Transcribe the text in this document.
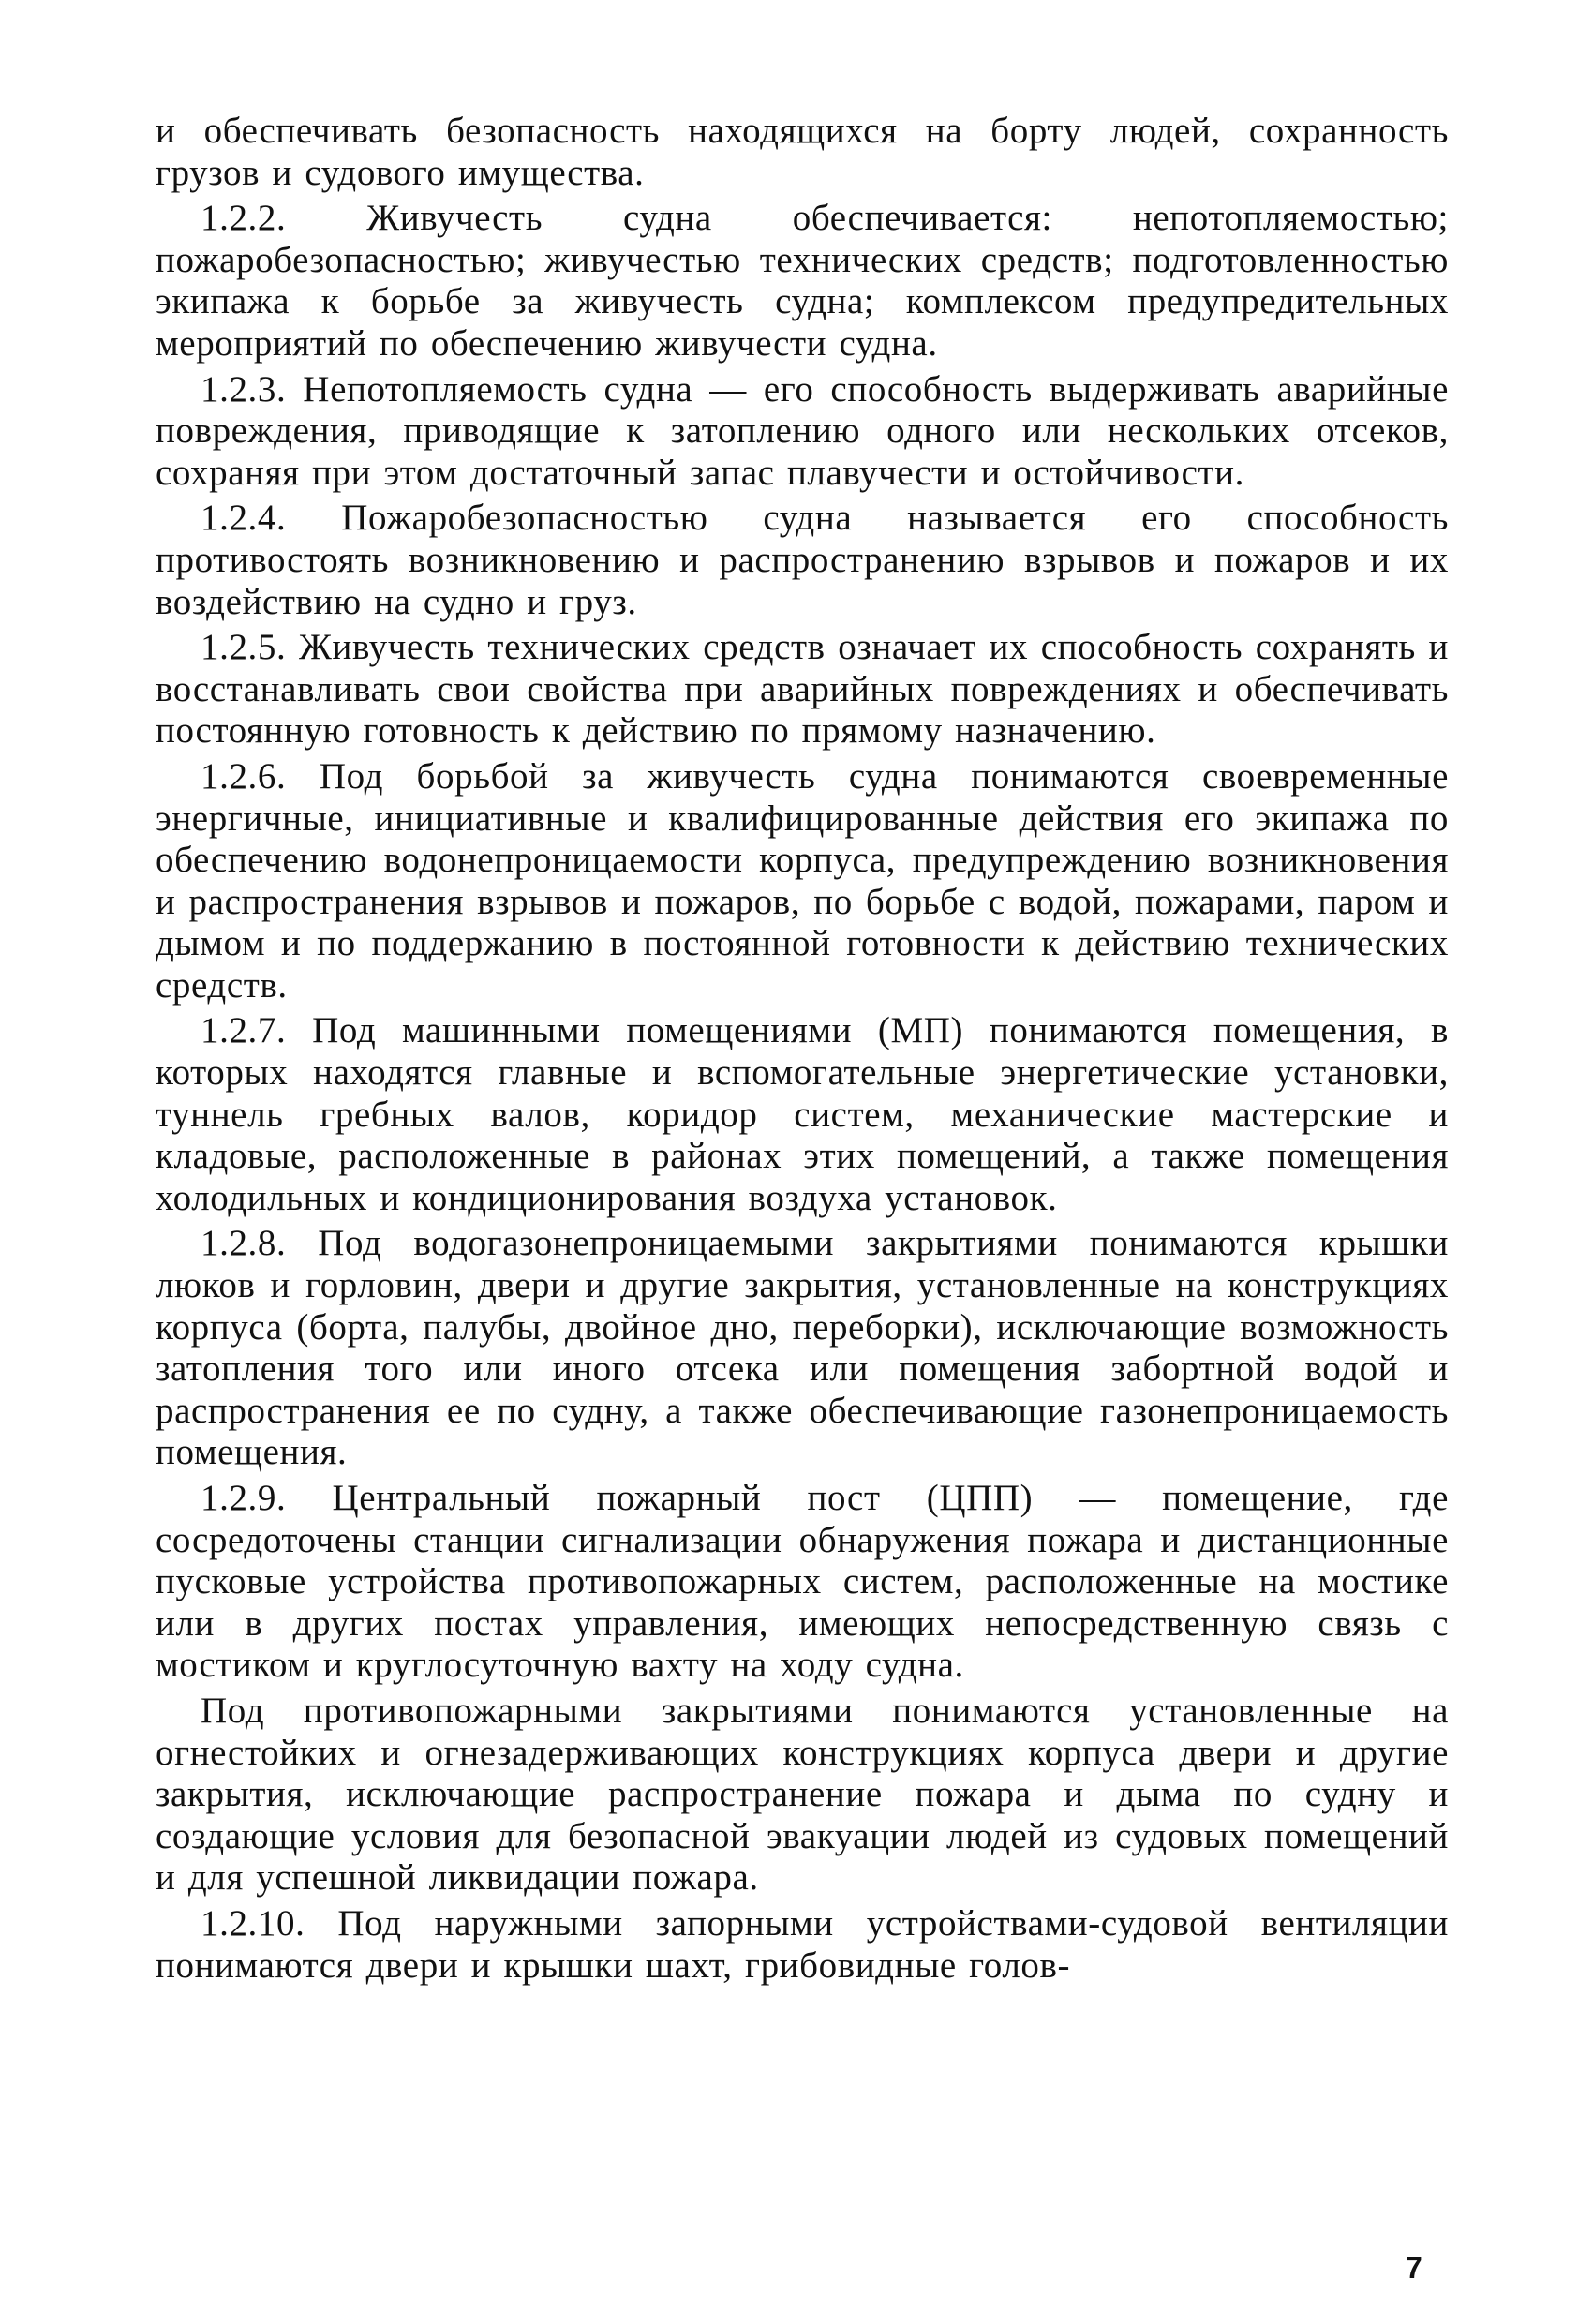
и обеспечивать безопасность находящихся на борту людей, сохранность грузов и судового имущества.

1.2.2. Живучесть судна обеспечивается: непотопляемостью; пожаробезопасностью; живучестью технических средств; подготовленностью экипажа к борьбе за живучесть судна; комплексом предупредительных мероприятий по обеспечению живучести судна.

1.2.3. Непотопляемость судна — его способность выдерживать аварийные повреждения, приводящие к затоплению одного или нескольких отсеков, сохраняя при этом достаточный запас плавучести и остойчивости.

1.2.4. Пожаробезопасностью судна называется его способность противостоять возникновению и распространению взрывов и пожаров и их воздействию на судно и груз.

1.2.5. Живучесть технических средств означает их способность сохранять и восстанавливать свои свойства при аварийных повреждениях и обеспечивать постоянную готовность к действию по прямому назначению.

1.2.6. Под борьбой за живучесть судна понимаются своевременные энергичные, инициативные и квалифицированные действия его экипажа по обеспечению водонепроницаемости корпуса, предупреждению возникновения и распространения взрывов и пожаров, по борьбе с водой, пожарами, паром и дымом и по поддержанию в постоянной готовности к действию технических средств.

1.2.7. Под машинными помещениями (МП) понимаются помещения, в которых находятся главные и вспомогательные энергетические установки, туннель гребных валов, коридор систем, механические мастерские и кладовые, расположенные в районах этих помещений, а также помещения холодильных и кондиционирования воздуха установок.

1.2.8. Под водогазонепроницаемыми закрытиями понимаются крышки люков и горловин, двери и другие закрытия, установленные на конструкциях корпуса (борта, палубы, двойное дно, переборки), исключающие возможность затопления того или иного отсека или помещения забортной водой и распространения ее по судну, а также обеспечивающие газонепроницаемость помещения.

1.2.9. Центральный пожарный пост (ЦПП) — помещение, где сосредоточены станции сигнализации обнаружения пожара и дистанционные пусковые устройства противопожарных систем, расположенные на мостике или в других постах управления, имеющих непосредственную связь с мостиком и круглосуточную вахту на ходу судна.

Под противопожарными закрытиями понимаются установленные на огнестойких и огнезадерживающих конструкциях корпуса двери и другие закрытия, исключающие распространение пожара и дыма по судну и создающие условия для безопасной эвакуации людей из судовых помещений и для успешной ликвидации пожара.

1.2.10. Под наружными запорными устройствами-судовой вентиляции понимаются двери и крышки шахт, грибовидные голов-

7
